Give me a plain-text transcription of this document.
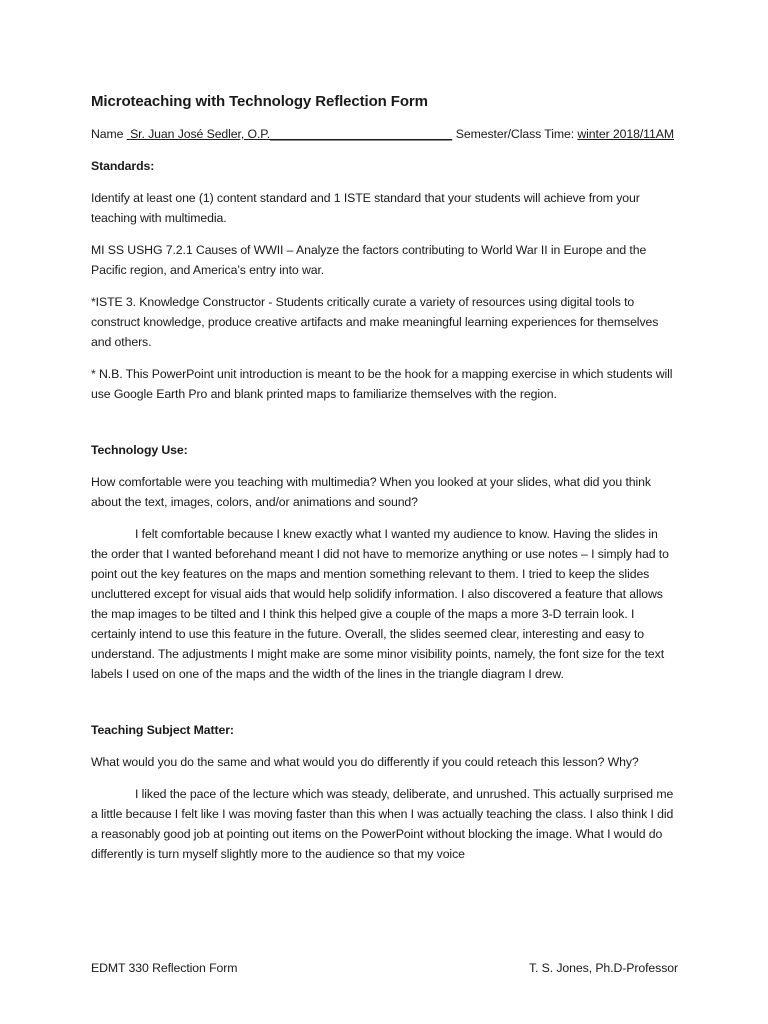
Microteaching with Technology Reflection Form
Name Sr. Juan José Sedler, O.P.___________________________ Semester/Class Time: winter 2018/11AM

Standards:

Identify at least one (1) content standard and 1 ISTE standard that your students will achieve from your teaching with multimedia.

MI SS USHG 7.2.1 Causes of WWII – Analyze the factors contributing to World War II in Europe and the Pacific region, and America’s entry into war.

*ISTE 3. Knowledge Constructor - Students critically curate a variety of resources using digital tools to construct knowledge, produce creative artifacts and make meaningful learning experiences for themselves and others.

* N.B. This PowerPoint unit introduction is meant to be the hook for a mapping exercise in which students will use Google Earth Pro and blank printed maps to familiarize themselves with the region.

Technology Use:

How comfortable were you teaching with multimedia? When you looked at your slides, what did you think about the text, images, colors, and/or animations and sound?

I felt comfortable because I knew exactly what I wanted my audience to know. Having the slides in the order that I wanted beforehand meant I did not have to memorize anything or use notes – I simply had to point out the key features on the maps and mention something relevant to them. I tried to keep the slides uncluttered except for visual aids that would help solidify information. I also discovered a feature that allows the map images to be tilted and I think this helped give a couple of the maps a more 3-D terrain look. I certainly intend to use this feature in the future. Overall, the slides seemed clear, interesting and easy to understand. The adjustments I might make are some minor visibility points, namely, the font size for the text labels I used on one of the maps and the width of the lines in the triangle diagram I drew.

Teaching Subject Matter:

What would you do the same and what would you do differently if you could reteach this lesson? Why?

I liked the pace of the lecture which was steady, deliberate, and unrushed. This actually surprised me a little because I felt like I was moving faster than this when I was actually teaching the class. I also think I did a reasonably good job at pointing out items on the PowerPoint without blocking the image. What I would do differently is turn myself slightly more to the audience so that my voice

EDMT 330 Reflection Form	T. S. Jones, Ph.D-Professor
